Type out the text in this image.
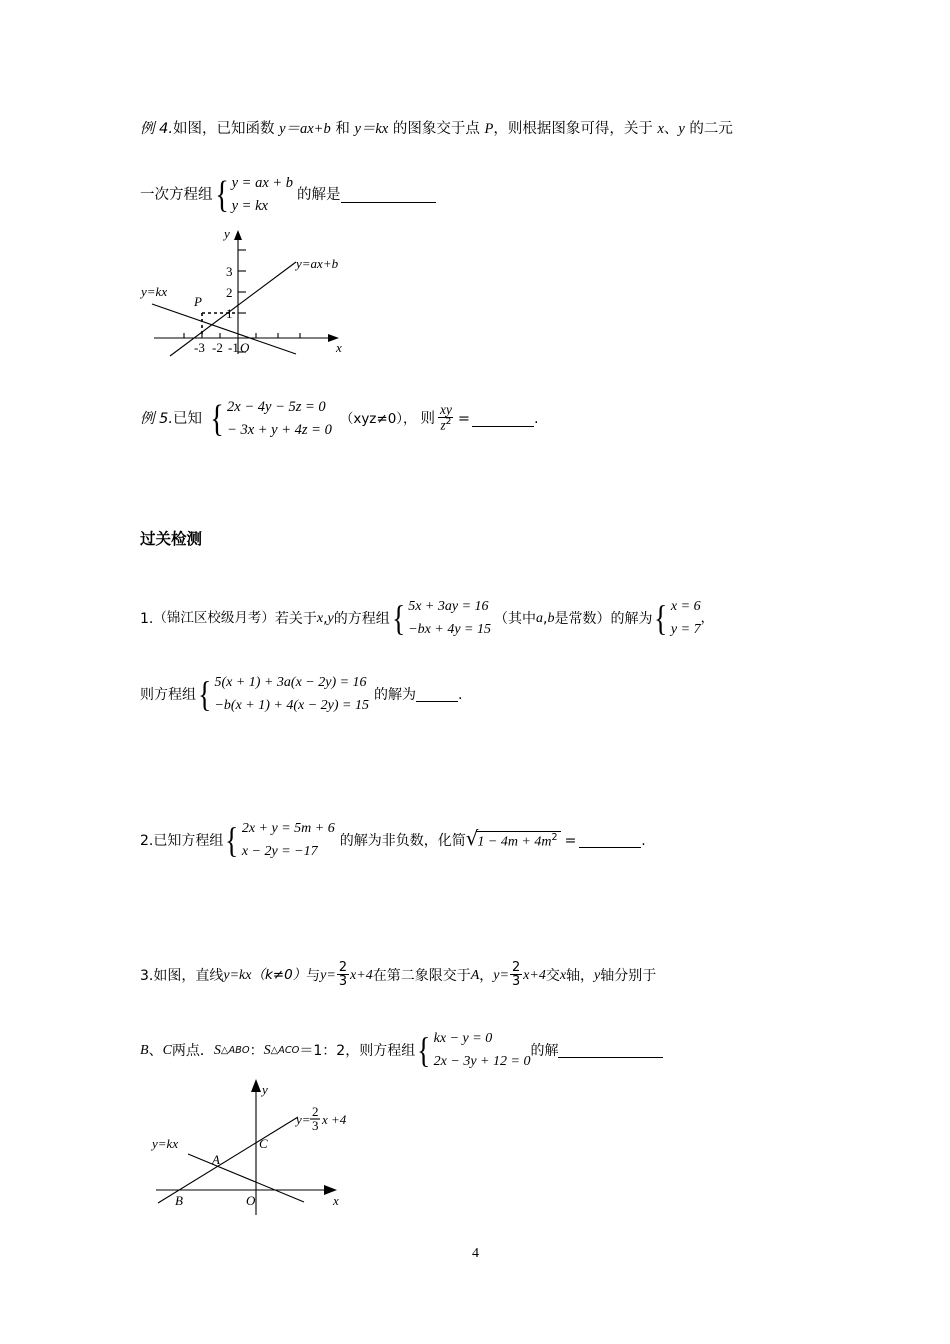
例 4.如图，已知函数 y＝ax+b 和 y＝kx 的图象交于点 P，则根据图象可得，关于 x、y 的二元
一次方程组 { y = ax + b
y = kx
的解是
y
x
O
y=ax+b
y=kx
P
3
2
1
-3 -2 -1
例 5. 已知 { 2x − 4y − 5z = 0
− 3x + y + 4z = 0
（xyz≠0）， 则 $\frac{xy}{z^2}$ =	.
过关检测
1. （锦江区校级月考） 若关于 x , y 的方程组 { 5x + 3ay = 16
−bx + 4y = 15
（其中 a , b 是常数）的解为 { x = 6
y = 7
，
则方程组 { 5(x + 1) + 3a(x − 2y) = 16
−b(x + 1) + 4(x − 2y) = 15
的解为	.
2. 已知方程组 { 2x + y = 5m + 6
x − 2y = −17
的解为非负数，化简 √ $1 - 4m + 4m^2$ =	.
3. 如图，直线 y=kx （k≠0） 与 $y= \frac{2}{3} x+4$ 在第二象限交于 A ， $y= \frac{2}{3} x+4$ 交 x 轴， y 轴分别于
B 、 C 两点． S △ABO ： S △ACO ＝1：2， 则方程组 { kx − y = 0
2x − 3y + 12 = 0
的解
y
x
O
B
A
C
y=kx
y=
2
3 x +4
4
